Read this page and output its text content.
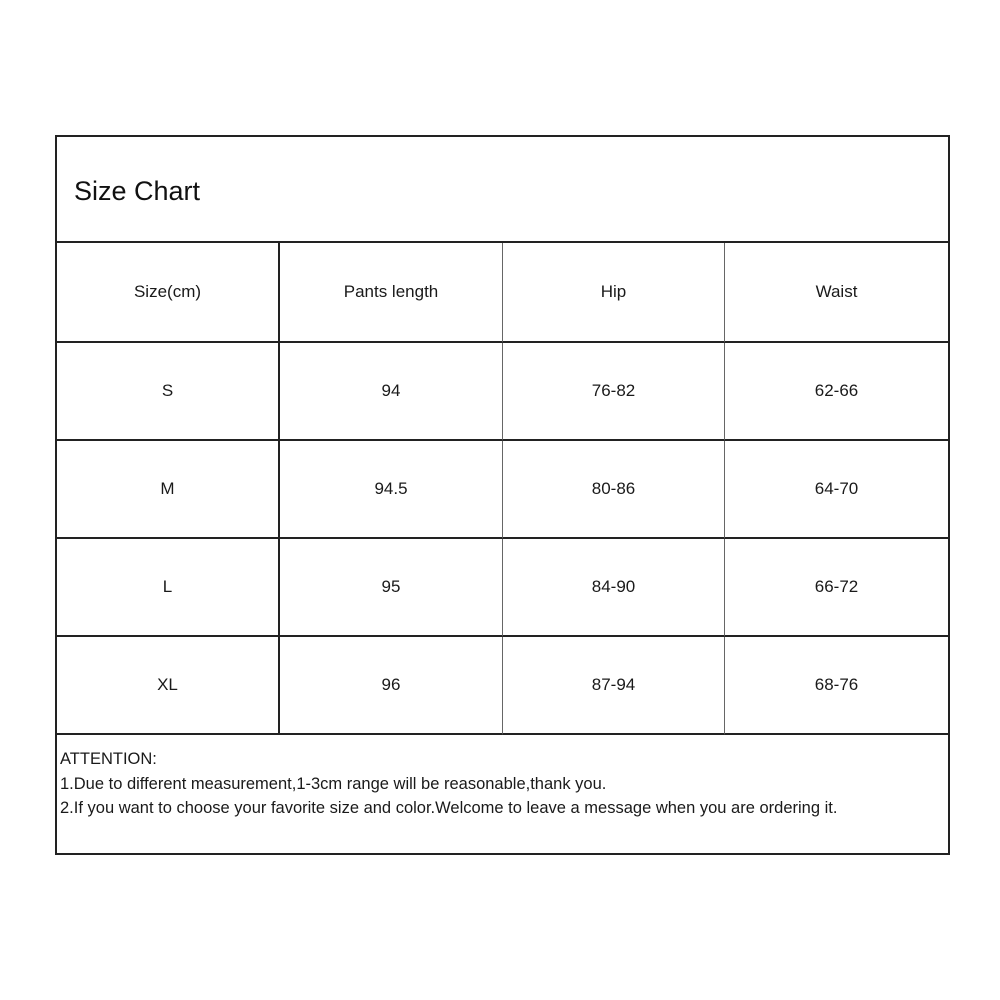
Size Chart
Size(cm)	Pants length	Hip	Waist
S	94	76-82	62-66
M	94.5	80-86	64-70
L	95	84-90	66-72
XL	96	87-94	68-76
ATTENTION:
1.Due to different measurement,1-3cm range will be reasonable,thank you.
2.If you want to choose your favorite size and color.Welcome to leave a message when you are ordering it.
